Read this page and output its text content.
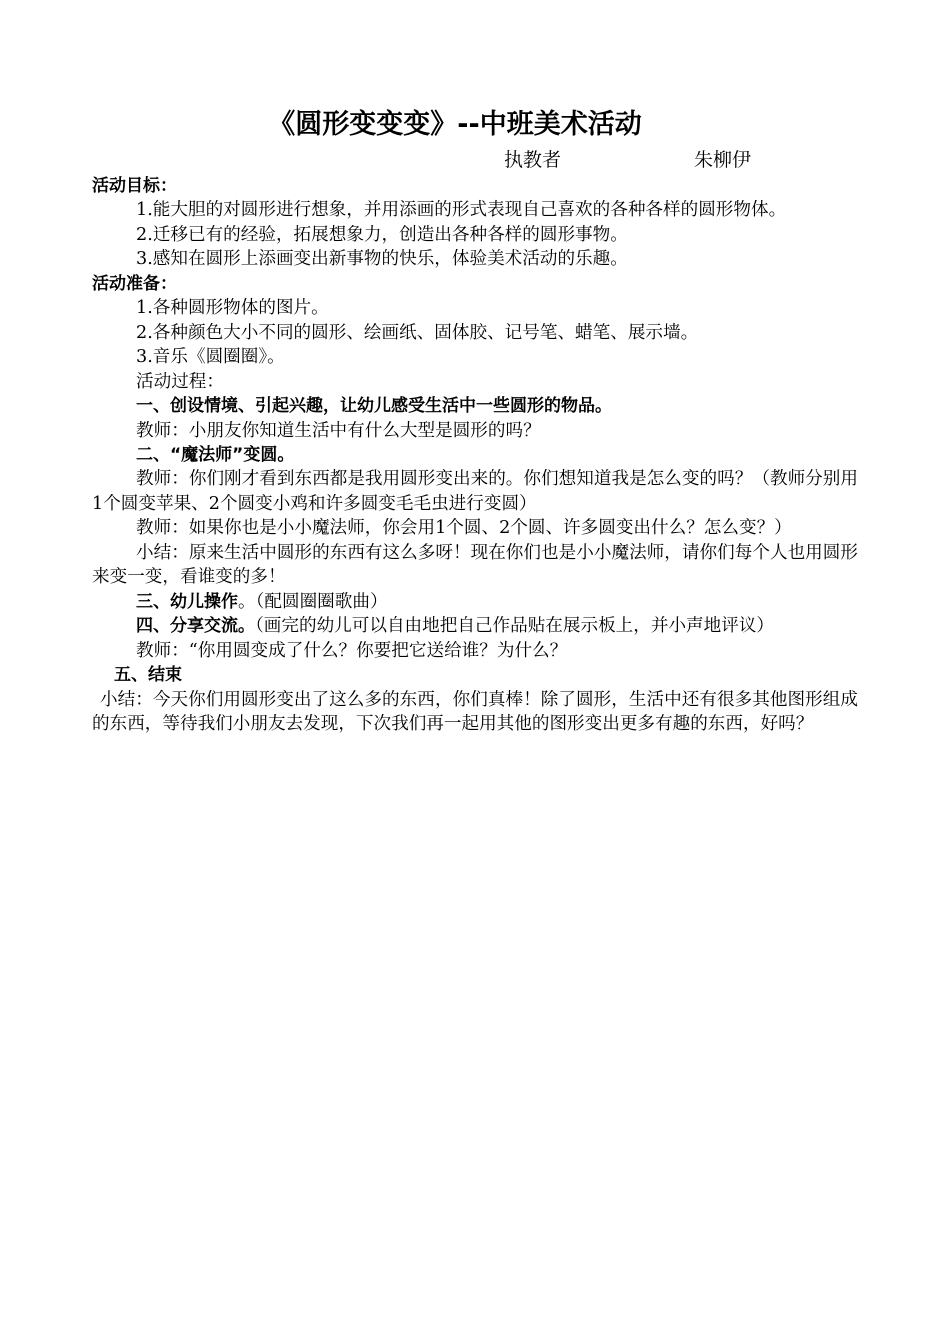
《圆形变变变》--中班美术活动
执教者	朱柳伊
活动目标：
1.能大胆的对圆形进行想象，并用添画的形式表现自己喜欢的各种各样的圆形物体。
2.迁移已有的经验，拓展想象力，创造出各种各样的圆形事物。
3.感知在圆形上添画变出新事物的快乐，体验美术活动的乐趣。
活动准备：
1.各种圆形物体的图片。
2.各种颜色大小不同的圆形、绘画纸、固体胶、记号笔、蜡笔、展示墙。
3.音乐《圆圈圈》。
活动过程：
一、创设情境、引起兴趣，让幼儿感受生活中一些圆形的物品。
教师：小朋友你知道生活中有什么大型是圆形的吗？
二、“魔法师”变圆。
教师：你们刚才看到东西都是我用圆形变出来的。你们想知道我是怎么变的吗？（教师分别用1个圆变苹果、2个圆变小鸡和许多圆变毛毛虫进行变圆）
教师：如果你也是小小魔法师，你会用1个圆、2个圆、许多圆变出什么？怎么变？）
小结：原来生活中圆形的东西有这么多呀！现在你们也是小小魔法师，请你们每个人也用圆形来变一变，看谁变的多！
三、幼儿操作。（配圆圈圈歌曲）
四、分享交流。（画完的幼儿可以自由地把自己作品贴在展示板上，并小声地评议）
教师：“你用圆变成了什么？你要把它送给谁？为什么？
五、结束
小结：今天你们用圆形变出了这么多的东西，你们真棒！除了圆形，生活中还有很多其他图形组成的东西，等待我们小朋友去发现，下次我们再一起用其他的图形变出更多有趣的东西，好吗？
